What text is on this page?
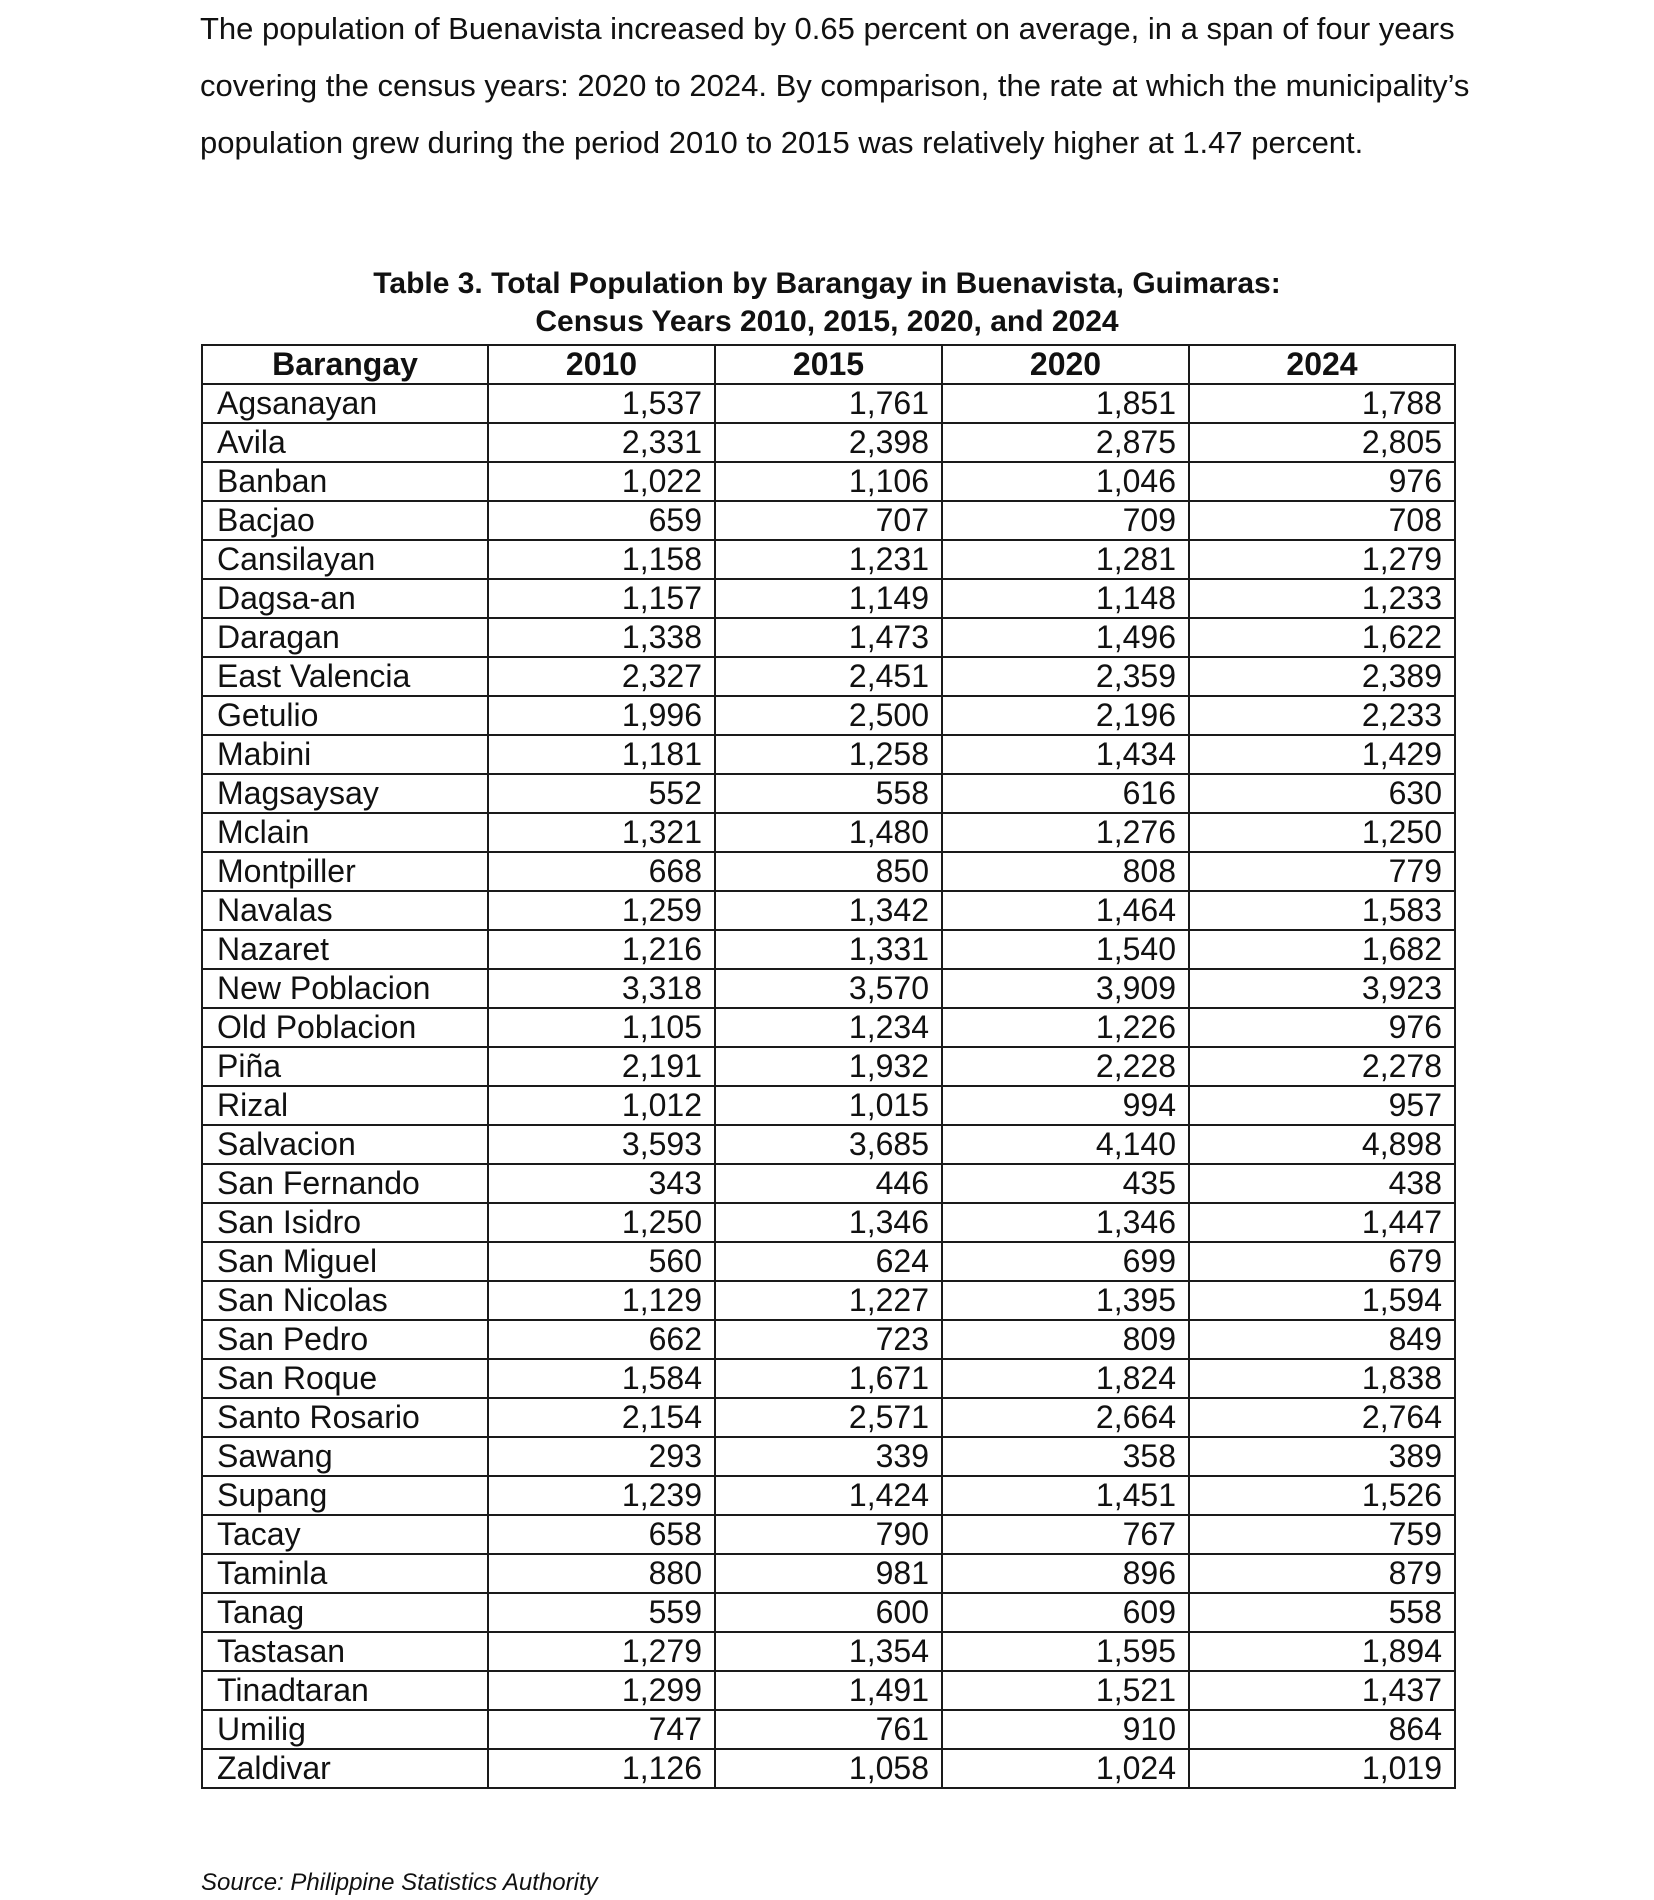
The population of Buenavista increased by 0.65 percent on average, in a span of four years covering the census years: 2020 to 2024. By comparison, the rate at which the municipality’s population grew during the period 2010 to 2015 was relatively higher at 1.47 percent.

Table 3. Total Population by Barangay in Buenavista, Guimaras:
Census Years 2010, 2015, 2020, and 2024
Barangay	2010	2015	2020	2024
Agsanayan	1,537	1,761	1,851	1,788
Avila	2,331	2,398	2,875	2,805
Banban	1,022	1,106	1,046	976
Bacjao	659	707	709	708
Cansilayan	1,158	1,231	1,281	1,279
Dagsa-an	1,157	1,149	1,148	1,233
Daragan	1,338	1,473	1,496	1,622
East Valencia	2,327	2,451	2,359	2,389
Getulio	1,996	2,500	2,196	2,233
Mabini	1,181	1,258	1,434	1,429
Magsaysay	552	558	616	630
Mclain	1,321	1,480	1,276	1,250
Montpiller	668	850	808	779
Navalas	1,259	1,342	1,464	1,583
Nazaret	1,216	1,331	1,540	1,682
New Poblacion	3,318	3,570	3,909	3,923
Old Poblacion	1,105	1,234	1,226	976
Piña	2,191	1,932	2,228	2,278
Rizal	1,012	1,015	994	957
Salvacion	3,593	3,685	4,140	4,898
San Fernando	343	446	435	438
San Isidro	1,250	1,346	1,346	1,447
San Miguel	560	624	699	679
San Nicolas	1,129	1,227	1,395	1,594
San Pedro	662	723	809	849
San Roque	1,584	1,671	1,824	1,838
Santo Rosario	2,154	2,571	2,664	2,764
Sawang	293	339	358	389
Supang	1,239	1,424	1,451	1,526
Tacay	658	790	767	759
Taminla	880	981	896	879
Tanag	559	600	609	558
Tastasan	1,279	1,354	1,595	1,894
Tinadtaran	1,299	1,491	1,521	1,437
Umilig	747	761	910	864
Zaldivar	1,126	1,058	1,024	1,019

Source: Philippine Statistics Authority
